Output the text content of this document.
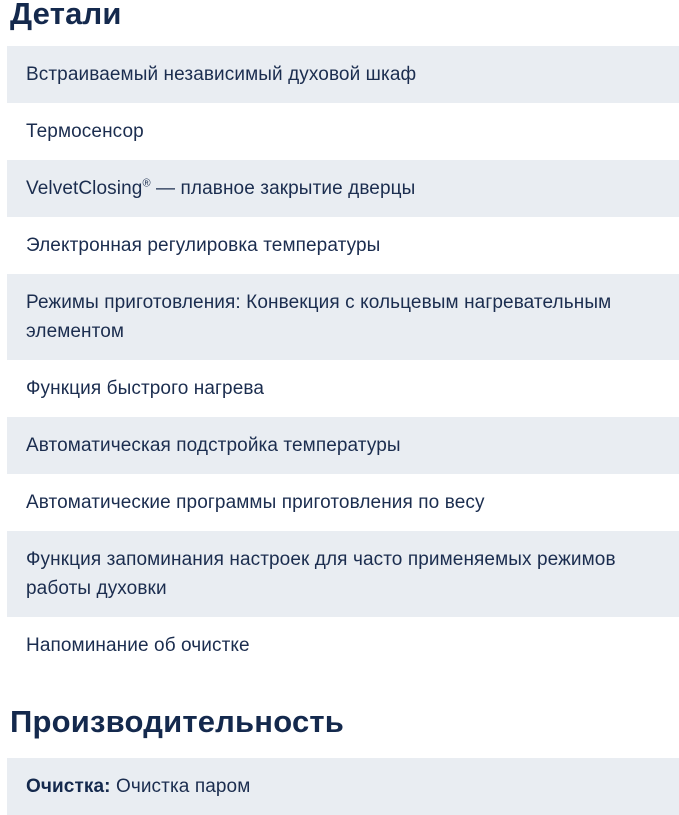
Детали
Встраиваемый независимый духовой шкаф
Термосенсор
VelvetClosing® — плавное закрытие дверцы
Электронная регулировка температуры
Режимы приготовления: Конвекция с кольцевым нагревательным элементом
Функция быстрого нагрева
Автоматическая подстройка температуры
Автоматические программы приготовления по весу
Функция запоминания настроек для часто применяемых режимов работы духовки
Напоминание об очистке
Производительность
Очистка: Очистка паром
